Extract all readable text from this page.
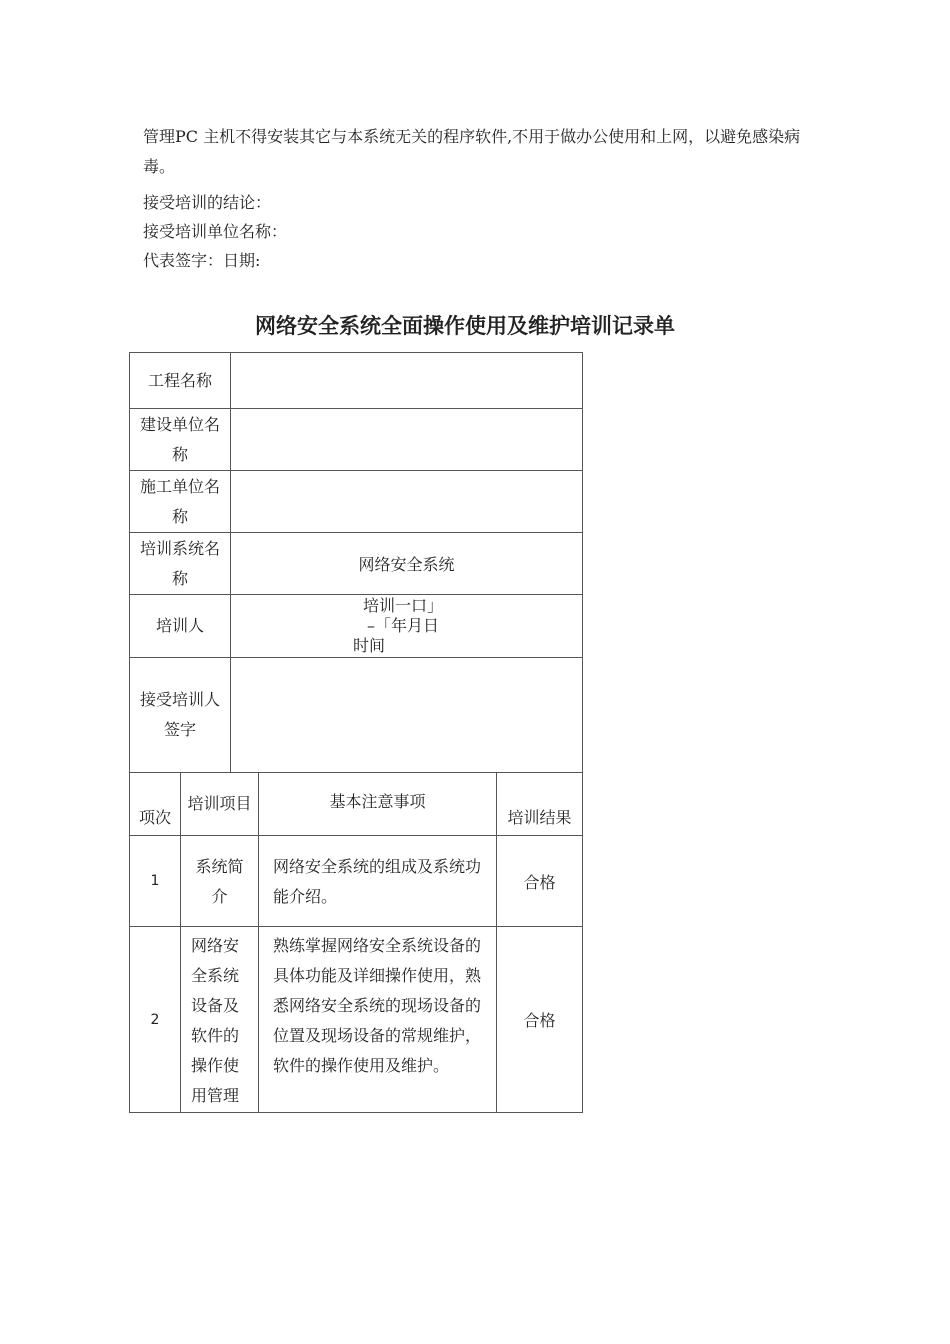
管理PC 主机不得安装其它与本系统无关的程序软件,不用于做办公使用和上网，以避免感染病毒。

接受培训的结论：

接受培训单位名称：

代表签字：日期:

网络安全系统全面操作使用及维护培训记录单
工程名称				
建设单位名称				
施工单位名称				
培训系统名称		网络安全系统		
培训人		培训一口」
–「年月日
时间		

接受培训人签字				
项次	培训项目		基本注意事项	培训结果
1	系统简介		网络安全系统的组成及系统功能介绍。	合格
2	网络安全系统设备及软件的操作使用管理		熟练掌握网络安全系统设备的具体功能及详细操作使用，熟悉网络安全系统的现场设备的位置及现场设备的常规维护，软件的操作使用及维护。	合格
